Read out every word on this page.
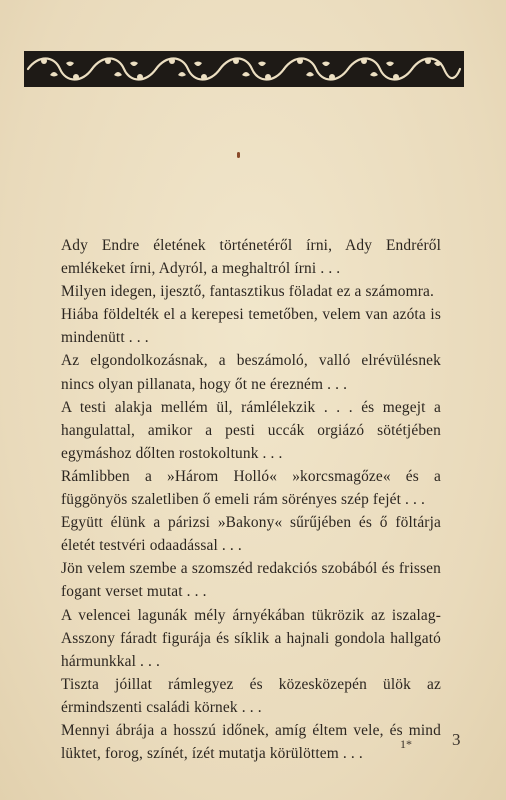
Ady Endre életének történetéről írni, Ady Endréről emlékeket írni, Adyról, a meghaltról írni . . .

Milyen idegen, ijesztő, fantasztikus föladat ez a számomra.

Hiába földelték el a kerepesi temetőben, velem van azóta is mindenütt . . .

Az elgondolkozásnak, a beszámoló, valló elrévülésnek nincs olyan pillanata, hogy őt ne érezném . . .

A testi alakja mellém ül, rámlélekzik . . . és megejt a hangulattal, amikor a pesti uccák orgiázó sötétjében egymáshoz dőlten rostokoltunk . . .

Rámlibben a »Három Holló« »korcsmagőze« és a függönyös szaletliben ő emeli rám sörényes szép fejét . . .

Együtt élünk a párizsi »Bakony« sűrűjében és ő föltárja életét testvéri odaadással . . .

Jön velem szembe a szomszéd redakciós szobából és frissen fogant verset mutat . . .

A velencei lagunák mély árnyékában tükrözik az iszalag-Asszony fáradt figurája és síklik a hajnali gondola hallgató hármunkkal . . .

Tiszta jóillat rámlegyez és közesközepén ülök az érmindszenti családi körnek . . .

Mennyi ábrája a hosszú időnek, amíg éltem vele, és mind lüktet, forog, színét, ízét mutatja körülöttem . . .

1* 3
